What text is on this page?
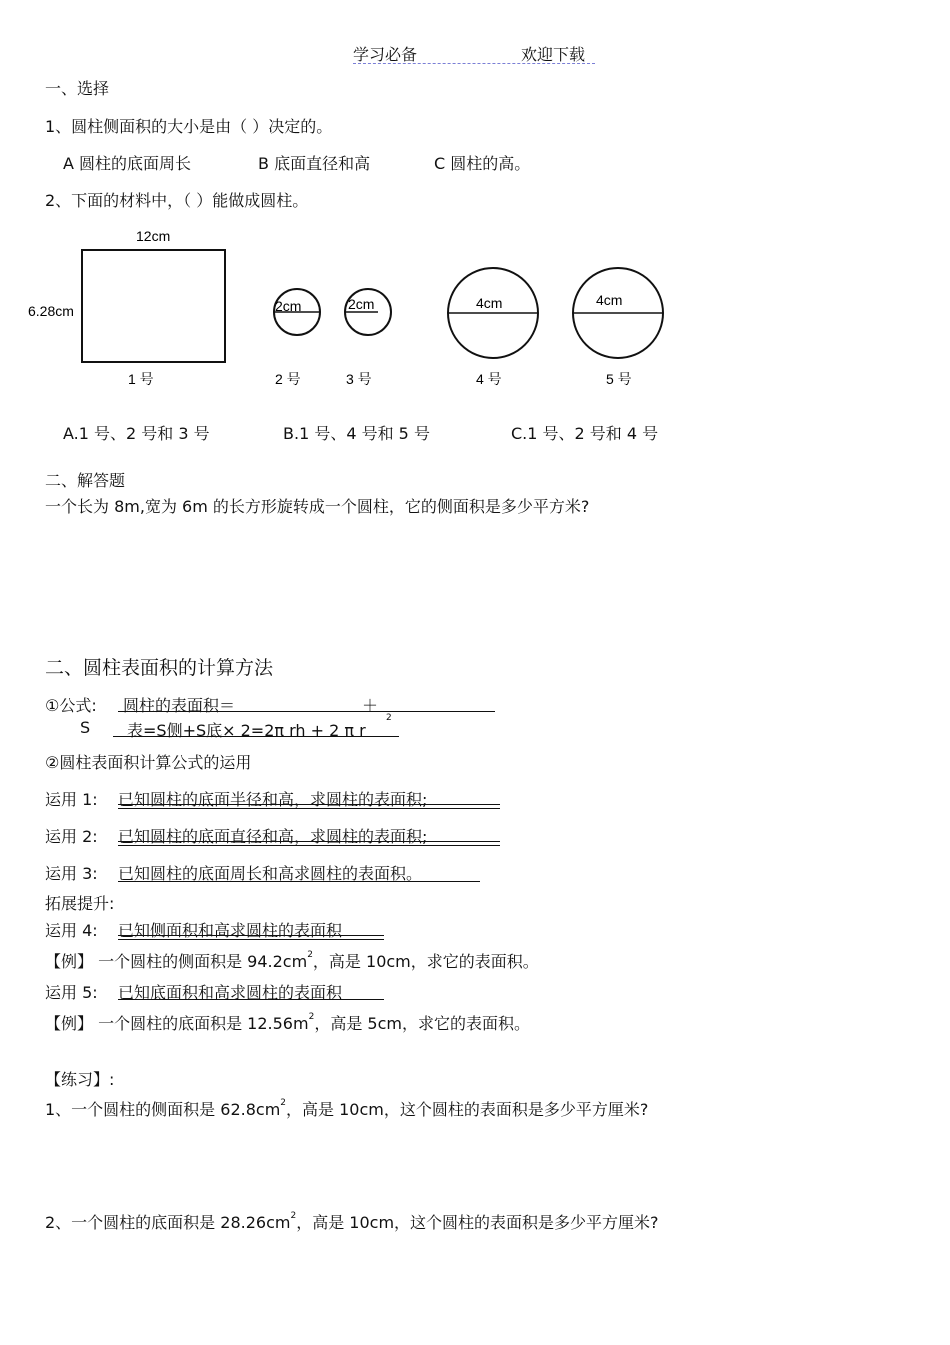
学习必备	欢迎下载
一、选择
1、圆柱侧面积的大小是由（ ）决定的。
A 圆柱的底面周长	B 底面直径和高	C 圆柱的高。
2、下面的材料中，（ ）能做成圆柱。
12cm
6.28cm	2cm	2cm	4cm	4cm
1 号	2 号	3 号	4 号	5 号
A.1 号、2 号和 3 号	B.1 号、4 号和 5 号	C.1 号、2 号和 4 号
二、解答题
一个长为 8m,宽为 6m 的长方形旋转成一个圆柱，它的侧面积是多少平方米?
二、圆柱表面积的计算方法
①公式: 圆柱的表面积＝	＋
S 表=S侧+S底× 2=2π rh + 2 π r
2
②圆柱表面积计算公式的运用
运用 1: 已知圆柱的底面半径和高，求圆柱的表面积;
运用 2: 已知圆柱的底面直径和高，求圆柱的表面积;
运用 3: 已知圆柱的底面周长和高求圆柱的表面积。
拓展提升:
运用 4: 已知侧面积和高求圆柱的表面积
【例】 一个圆柱的侧面积是 $94.2cm^2$，高是 10cm，求它的表面积。
运用 5: 已知底面积和高求圆柱的表面积
【例】 一个圆柱的底面积是 $12.56m^2$，高是 5cm，求它的表面积。
【练习】:
1、一个圆柱的侧面积是 $62.8cm^2$，高是 10cm，这个圆柱的表面积是多少平方厘米?
2、一个圆柱的底面积是 $28.26cm^2$，高是 10cm，这个圆柱的表面积是多少平方厘米?
